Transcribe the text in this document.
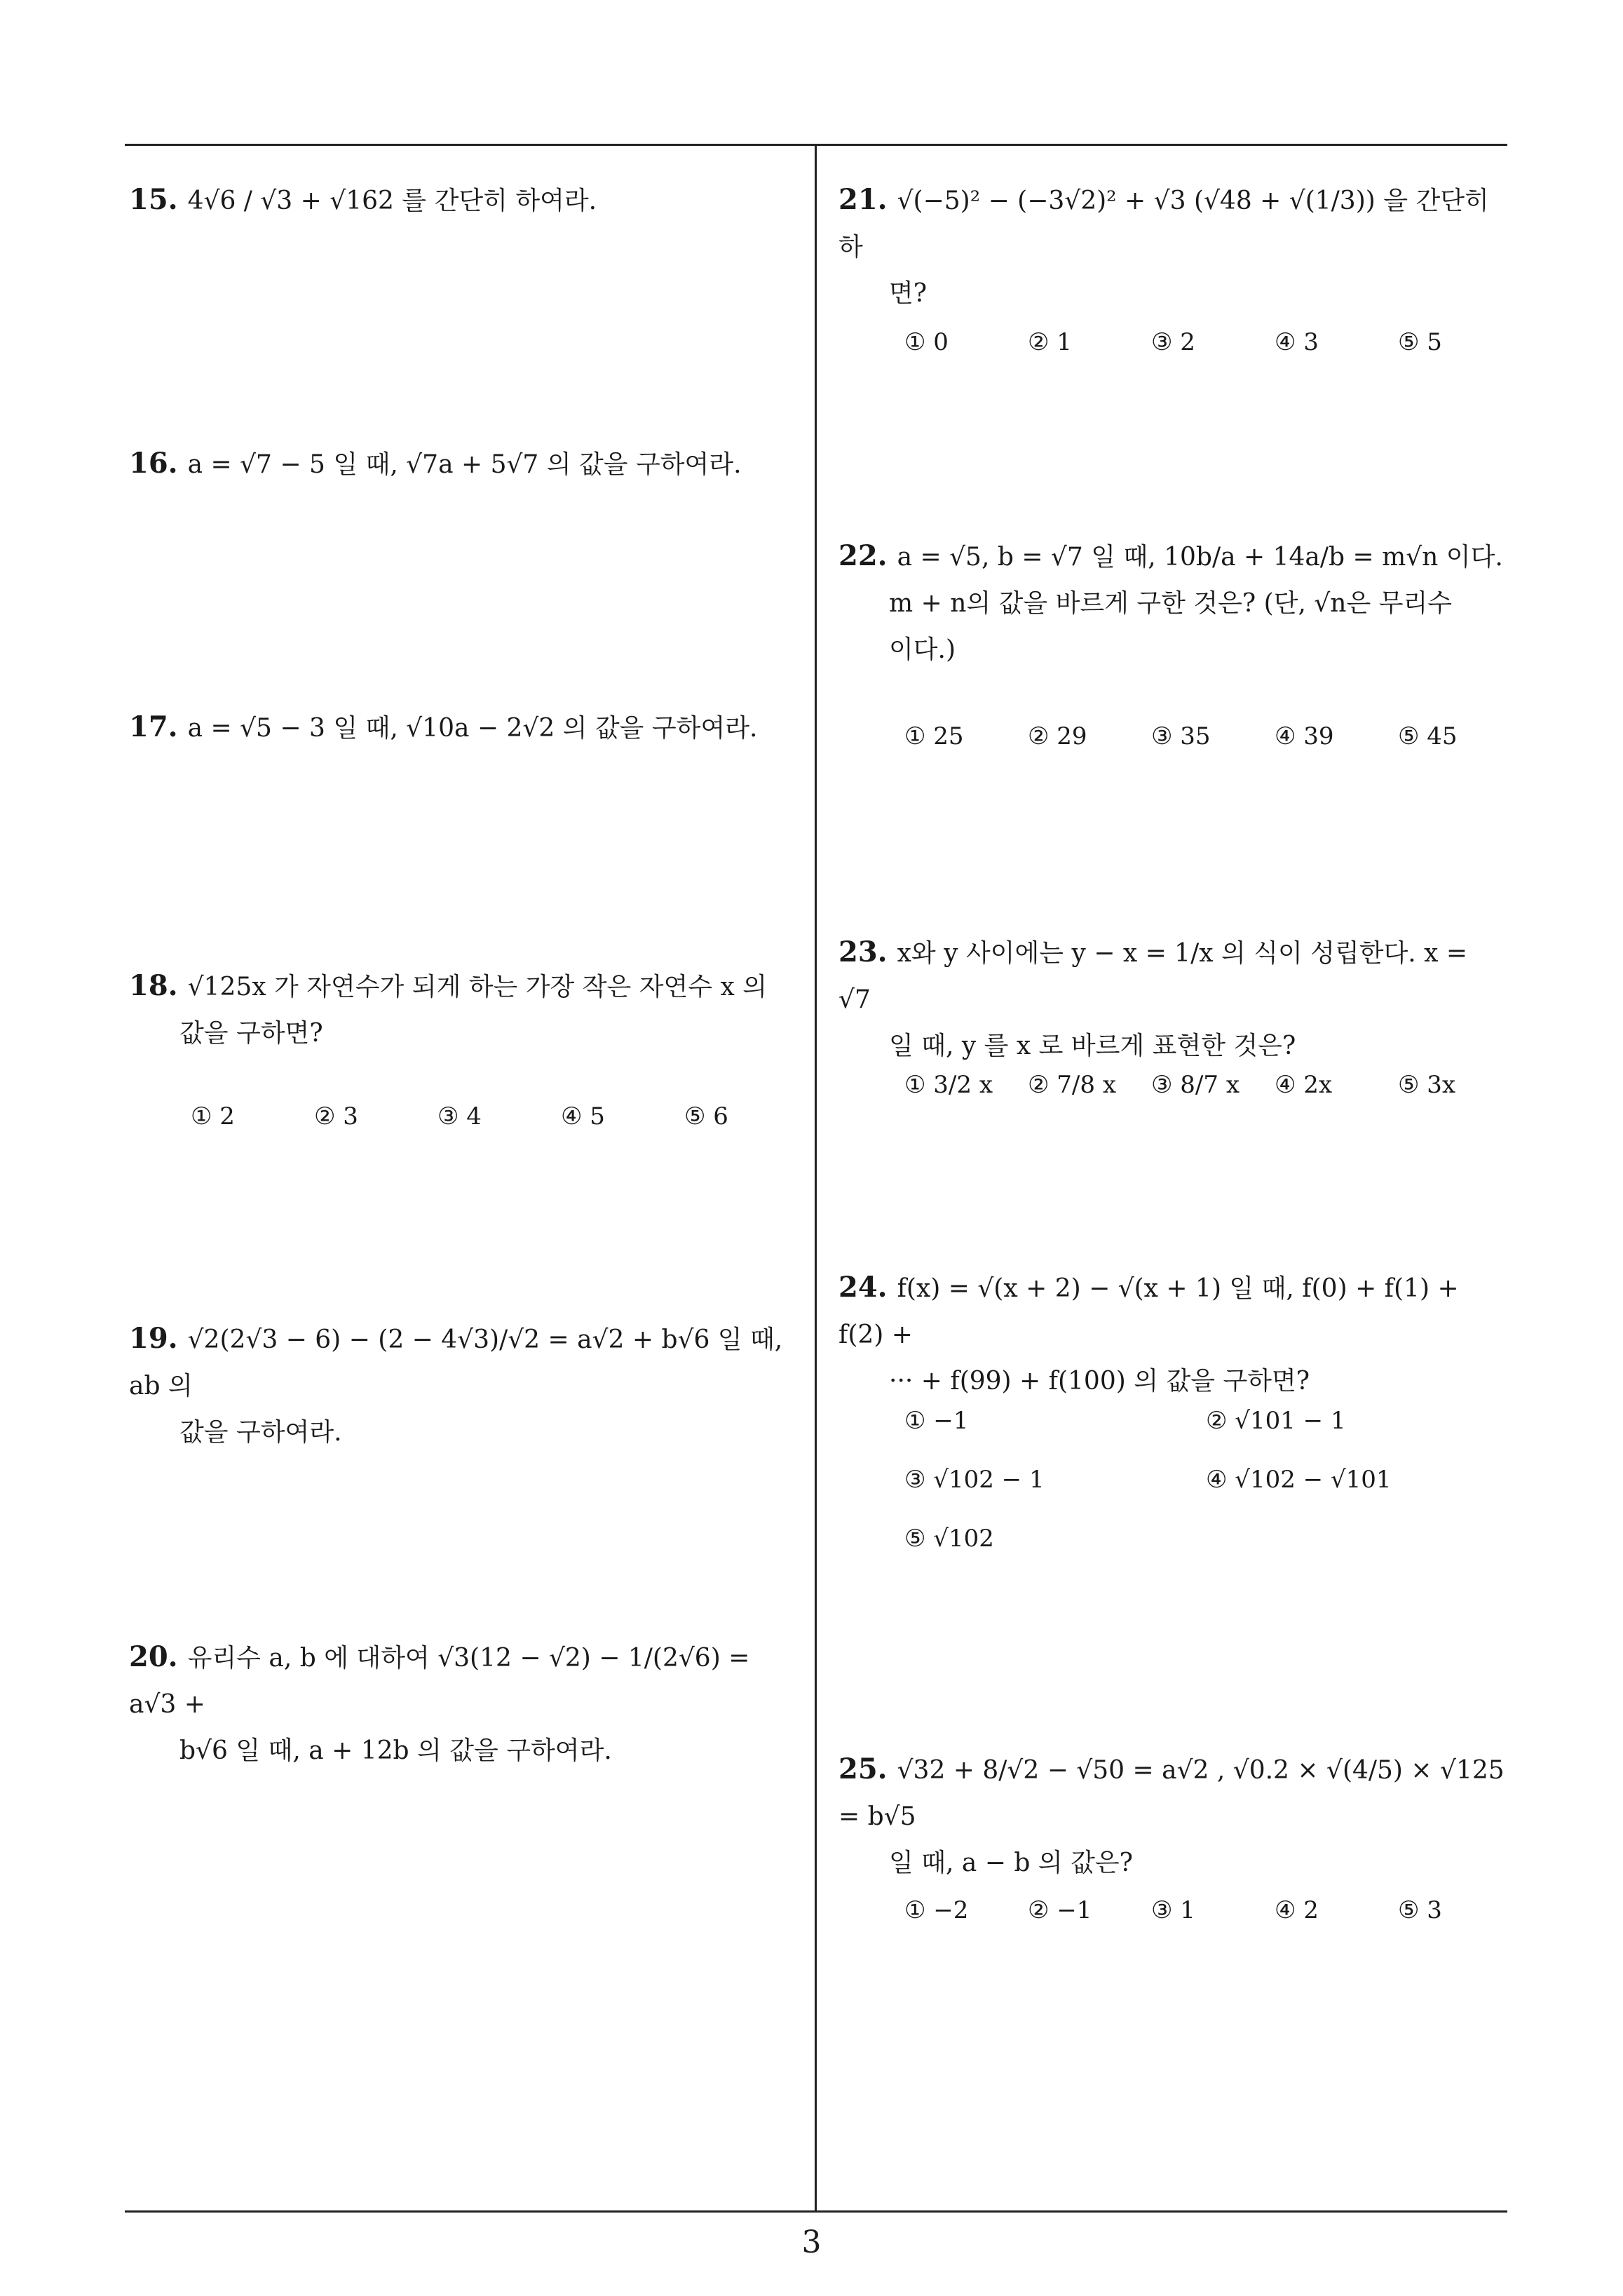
15. 4√6 / √3 + √162 를 간단히 하여라.
16. a = √7 − 5 일 때, √7a + 5√7 의 값을 구하여라.
17. a = √5 − 3 일 때, √10a − 2√2 의 값을 구하여라.
18. √125x 가 자연수가 되게 하는 가장 작은 자연수 x 의
값을 구하면?
① 2	② 3	③ 4	④ 5	⑤ 6
19. √2(2√3 − 6) − (2 − 4√3)/√2 = a√2 + b√6 일 때, ab 의
값을 구하여라.
20. 유리수 a, b 에 대하여 √3(12 − √2) − 1/(2√6) = a√3 +
b√6 일 때, a + 12b 의 값을 구하여라.
21. √(−5)² − (−3√2)² + √3 (√48 + √(1/3)) 을 간단히 하
면?
① 0	② 1	③ 2	④ 3	⑤ 5
22. a = √5, b = √7 일 때, 10b/a + 14a/b = m√n 이다.
m + n의 값을 바르게 구한 것은? (단, √n은 무리수
이다.)
① 25	② 29	③ 35	④ 39	⑤ 45
23. x와 y 사이에는 y − x = 1/x 의 식이 성립한다. x = √7
일 때, y 를 x 로 바르게 표현한 것은?
① 3/2 x	② 7/8 x	③ 8/7 x	④ 2x	⑤ 3x
24. f(x) = √(x + 2) − √(x + 1) 일 때, f(0) + f(1) + f(2) +
··· + f(99) + f(100) 의 값을 구하면?
① −1	② √101 − 1
③ √102 − 1	④ √102 − √101
⑤ √102
25. √32 + 8/√2 − √50 = a√2 , √0.2 × √(4/5) × √125 = b√5
일 때, a − b 의 값은?
① −2	② −1	③ 1	④ 2	⑤ 3
3
